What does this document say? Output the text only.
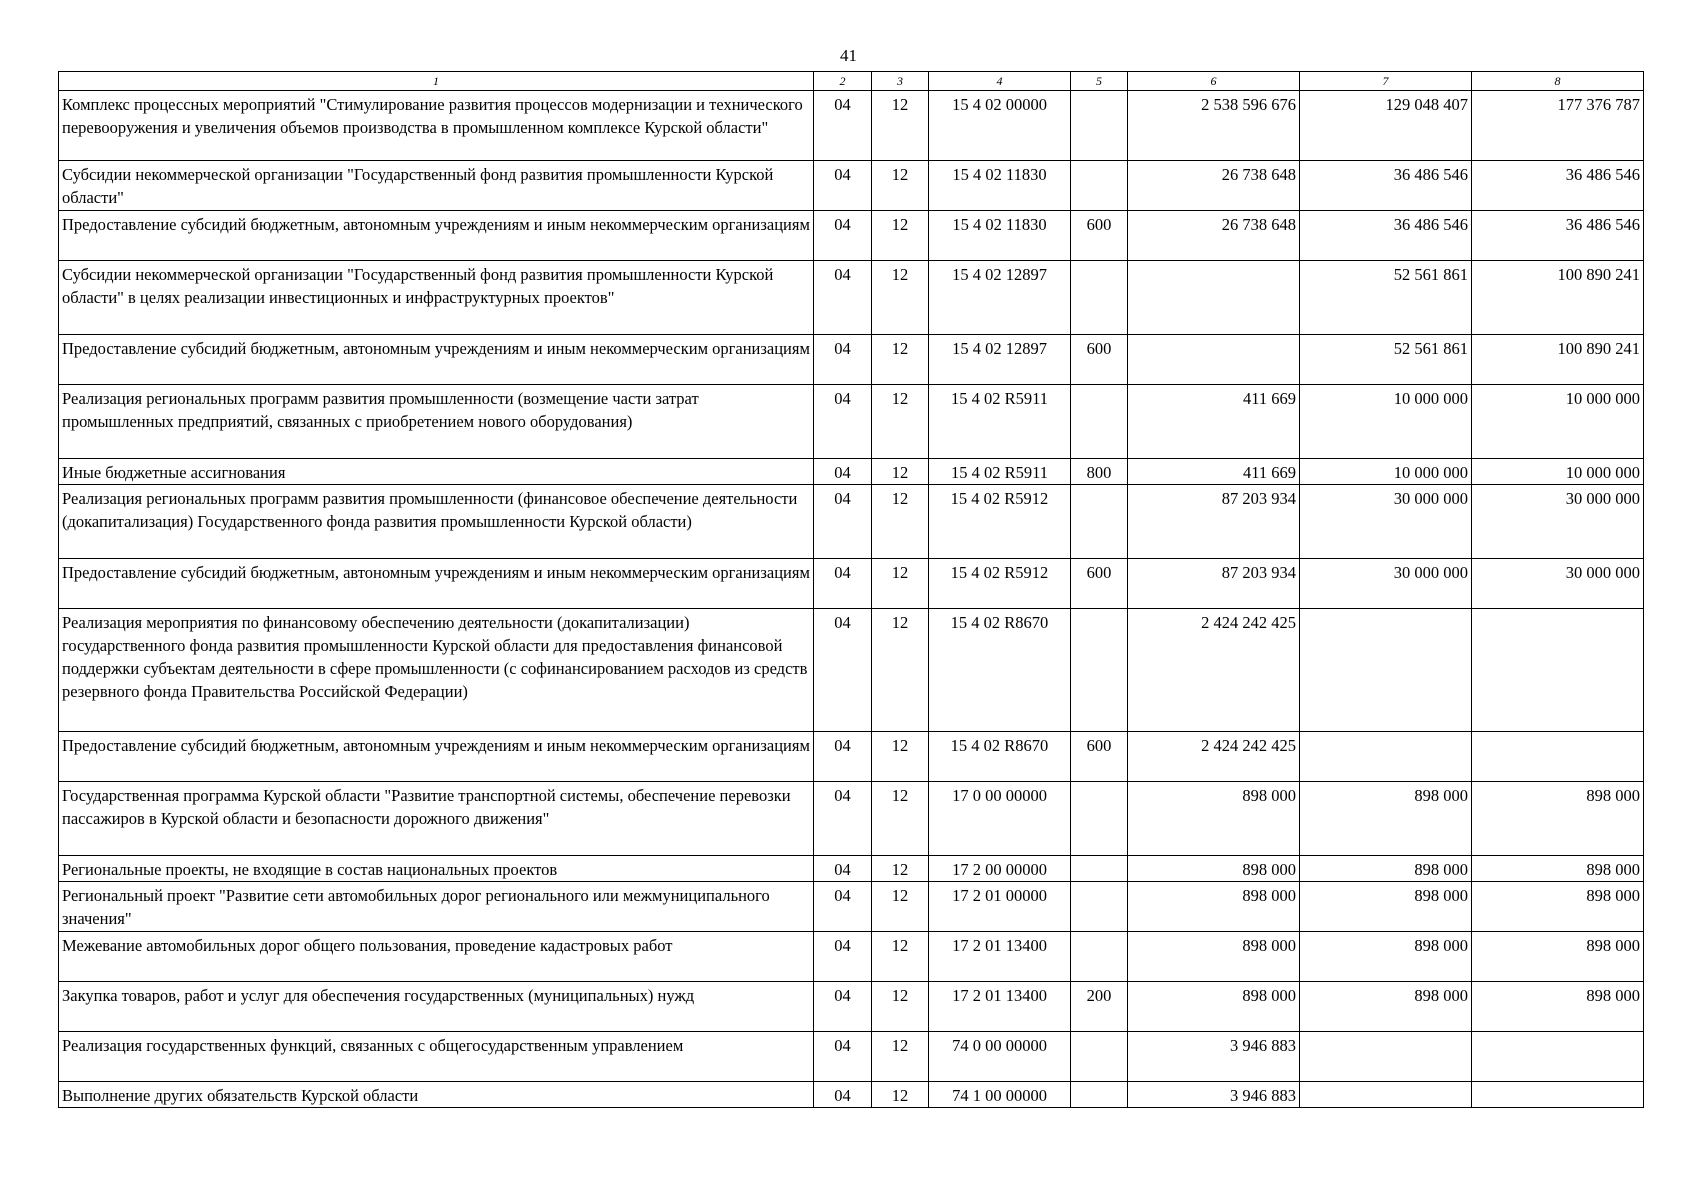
41
1	2	3	4	5	6	7	8
Комплекс процессных мероприятий "Стимулирование развития процессов модернизации и технического перевооружения и увеличения объемов производства в промышленном комплексе Курской области"	04	12	15 4 02 00000		2 538 596 676	129 048 407	177 376 787
Субсидии некоммерческой организации "Государственный фонд развития промышленности Курской области"	04	12	15 4 02 11830		26 738 648	36 486 546	36 486 546
Предоставление субсидий бюджетным, автономным учреждениям и иным некоммерческим организациям	04	12	15 4 02 11830	600	26 738 648	36 486 546	36 486 546
Субсидии некоммерческой организации "Государственный фонд развития промышленности Курской области" в целях реализации инвестиционных и инфраструктурных проектов"	04	12	15 4 02 12897			52 561 861	100 890 241
Предоставление субсидий бюджетным, автономным учреждениям и иным некоммерческим организациям	04	12	15 4 02 12897	600		52 561 861	100 890 241
Реализация региональных программ развития промышленности (возмещение части затрат промышленных предприятий, связанных с приобретением нового оборудования)	04	12	15 4 02 R5911		411 669	10 000 000	10 000 000
Иные бюджетные ассигнования	04	12	15 4 02 R5911	800	411 669	10 000 000	10 000 000
Реализация региональных программ развития промышленности (финансовое обеспечение деятельности (докапитализация) Государственного фонда развития промышленности Курской области)	04	12	15 4 02 R5912		87 203 934	30 000 000	30 000 000
Предоставление субсидий бюджетным, автономным учреждениям и иным некоммерческим организациям	04	12	15 4 02 R5912	600	87 203 934	30 000 000	30 000 000
Реализация мероприятия по финансовому обеспечению деятельности (докапитализации) государственного фонда развития промышленности Курской области для предоставления финансовой поддержки субъектам деятельности в сфере промышленности (с софинансированием расходов из средств резервного фонда Правительства Российской Федерации)	04	12	15 4 02 R8670		2 424 242 425		
Предоставление субсидий бюджетным, автономным учреждениям и иным некоммерческим организациям	04	12	15 4 02 R8670	600	2 424 242 425		
Государственная программа Курской области "Развитие транспортной системы, обеспечение перевозки пассажиров в Курской области и безопасности дорожного движения"	04	12	17 0 00 00000		898 000	898 000	898 000
Региональные проекты, не входящие в состав национальных проектов	04	12	17 2 00 00000		898 000	898 000	898 000
Региональный проект "Развитие сети автомобильных дорог регионального или межмуниципального значения"	04	12	17 2 01 00000		898 000	898 000	898 000
Межевание автомобильных дорог общего пользования, проведение кадастровых работ	04	12	17 2 01 13400		898 000	898 000	898 000
Закупка товаров, работ и услуг для обеспечения государственных (муниципальных) нужд	04	12	17 2 01 13400	200	898 000	898 000	898 000
Реализация государственных функций, связанных с общегосударственным управлением	04	12	74 0 00 00000		3 946 883		
Выполнение других обязательств Курской области	04	12	74 1 00 00000		3 946 883		
